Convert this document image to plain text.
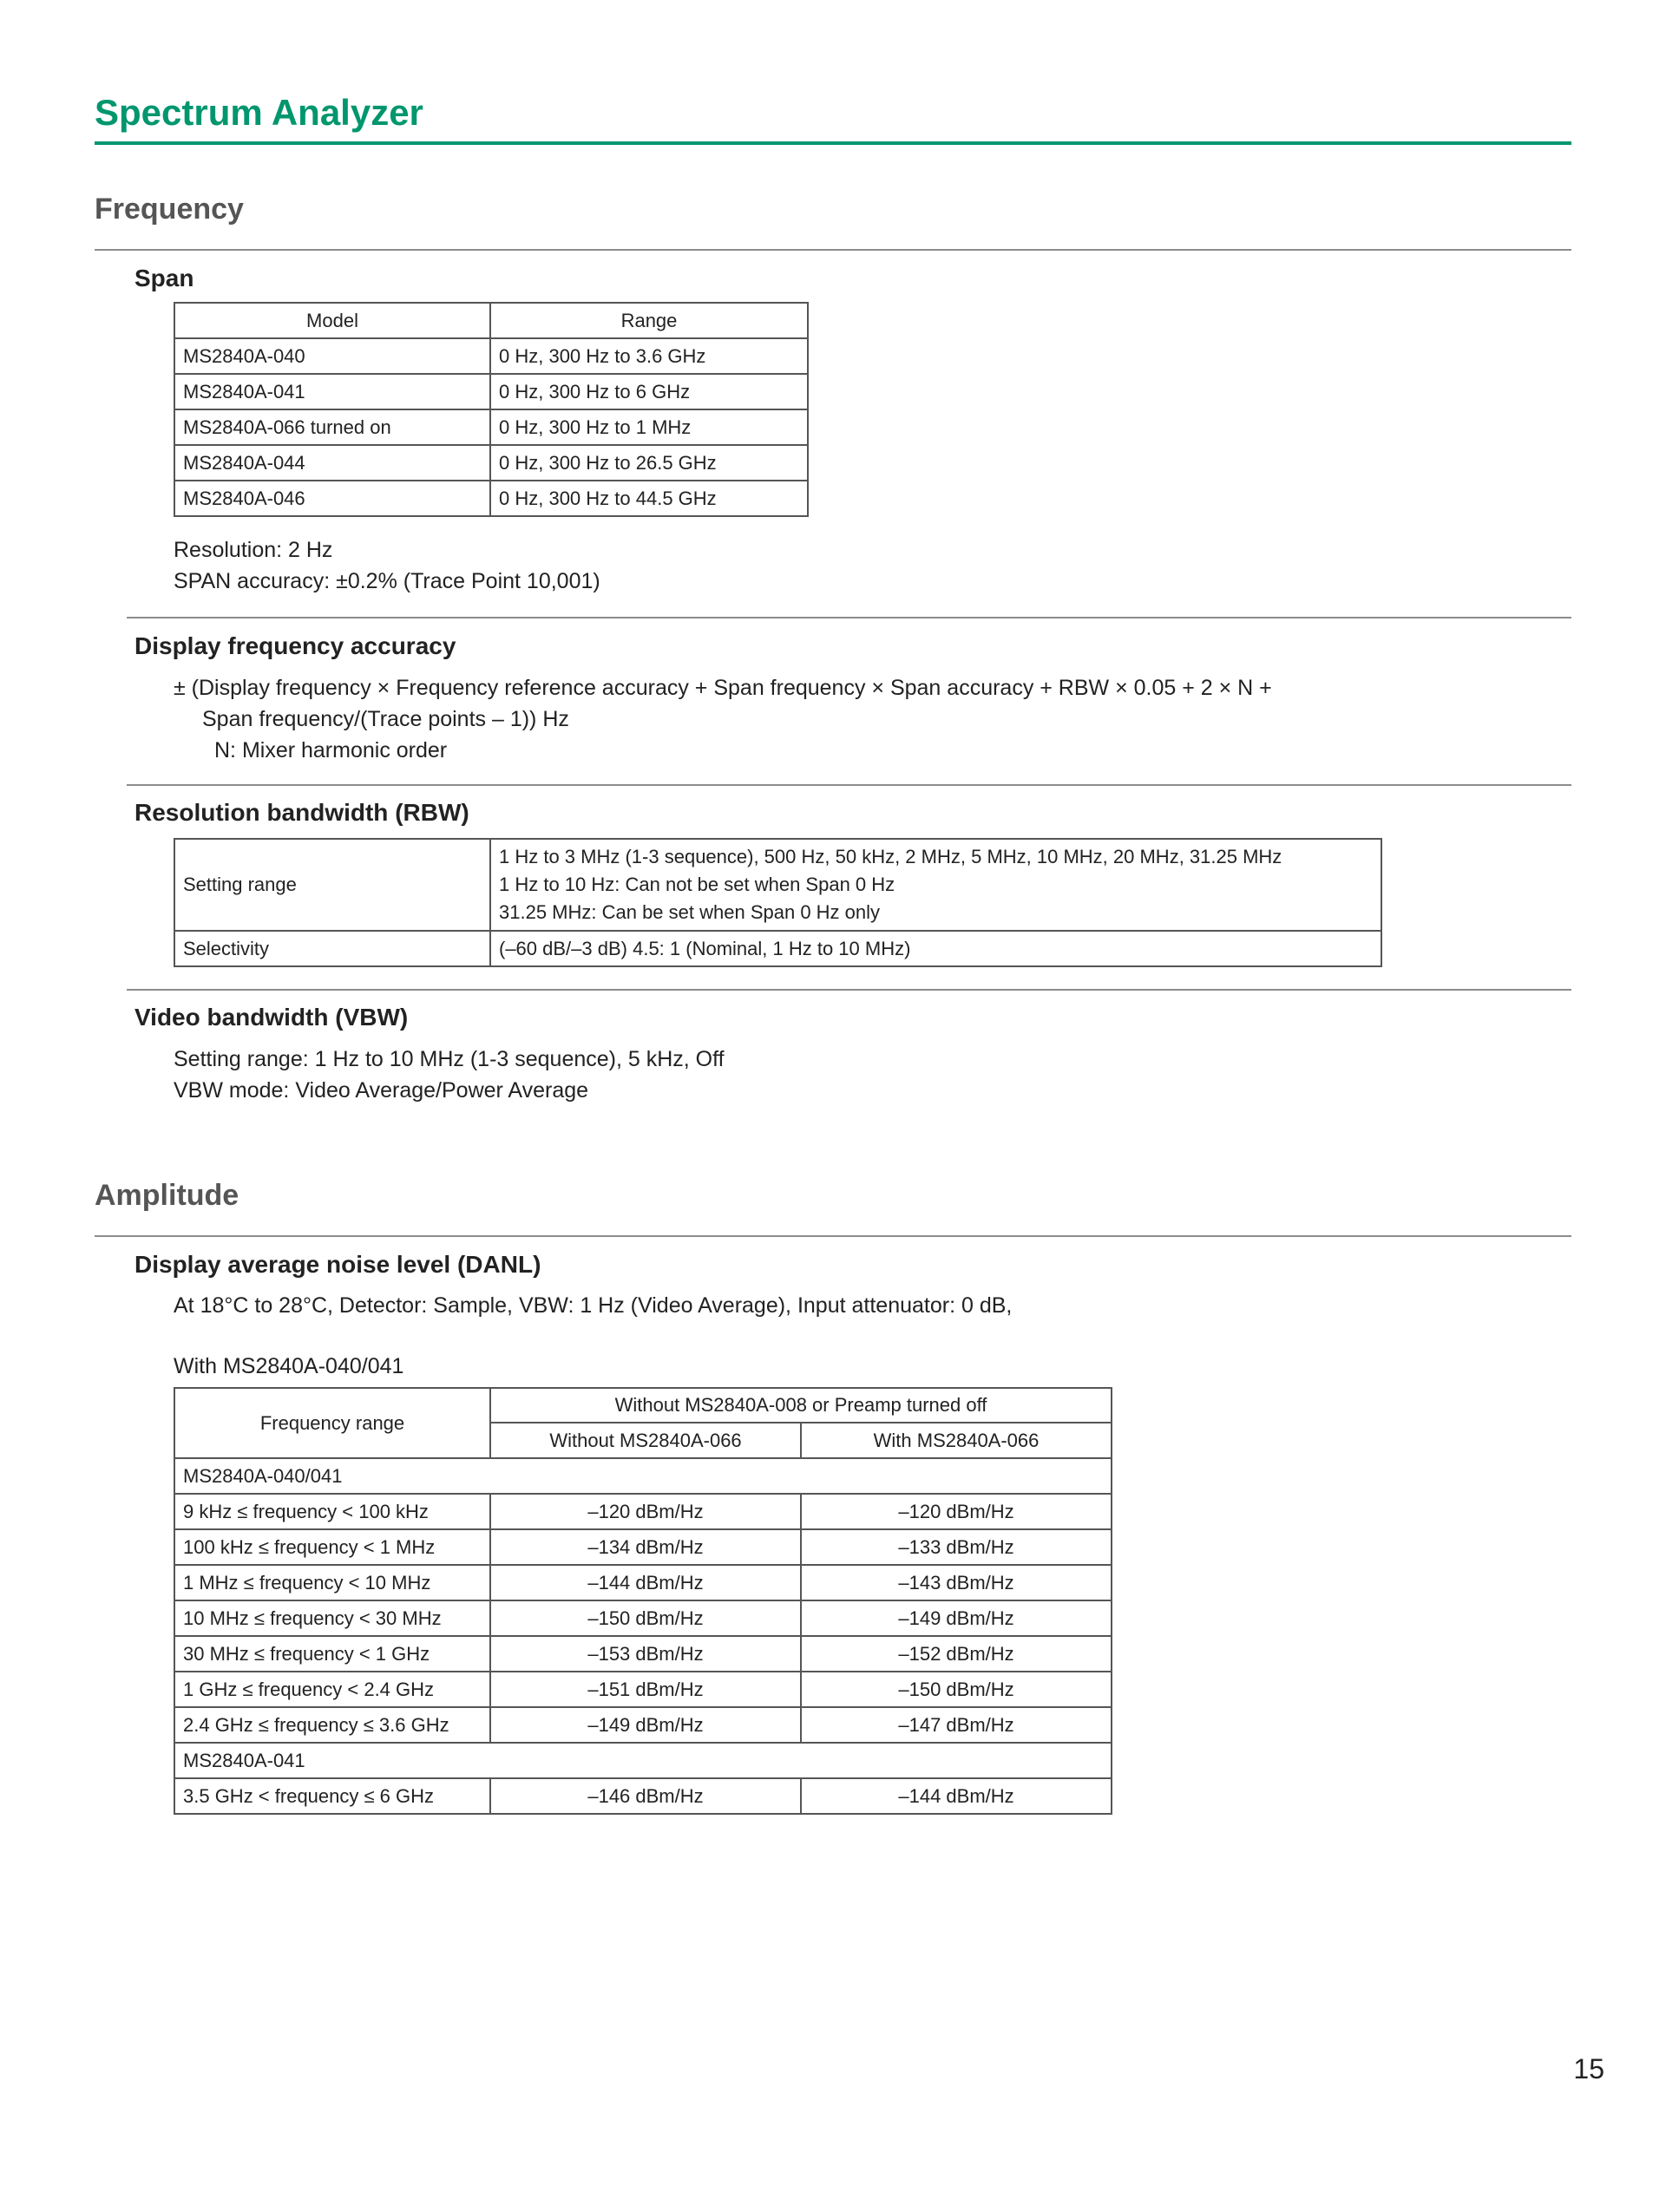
Spectrum Analyzer
Frequency
Span
Model	Range
MS2840A-040	0 Hz, 300 Hz to 3.6 GHz
MS2840A-041	0 Hz, 300 Hz to 6 GHz
MS2840A-066 turned on	0 Hz, 300 Hz to 1 MHz
MS2840A-044	0 Hz, 300 Hz to 26.5 GHz
MS2840A-046	0 Hz, 300 Hz to 44.5 GHz

Resolution: 2 Hz

SPAN accuracy: ±0.2% (Trace Point 10,001)

Display frequency accuracy

± (Display frequency × Frequency reference accuracy + Span frequency × Span accuracy + RBW × 0.05 + 2 × N +

Span frequency/(Trace points – 1)) Hz

N: Mixer harmonic order

Resolution bandwidth (RBW)
Setting range	1 Hz to 3 MHz (1-3 sequence), 500 Hz, 50 kHz, 2 MHz, 5 MHz, 10 MHz, 20 MHz, 31.25 MHz
1 Hz to 10 Hz: Can not be set when Span 0 Hz
31.25 MHz: Can be set when Span 0 Hz only

Selectivity	(–60 dB/–3 dB) 4.5: 1 (Nominal, 1 Hz to 10 MHz)
Video bandwidth (VBW)

Setting range: 1 Hz to 10 MHz (1-3 sequence), 5 kHz, Off

VBW mode: Video Average/Power Average

Amplitude
Display average noise level (DANL)

At 18°C to 28°C, Detector: Sample, VBW: 1 Hz (Video Average), Input attenuator: 0 dB,

With MS2840A-040/041

Frequency range	Without MS2840A-008 or Preamp turned off	
	Without MS2840A-066	With MS2840A-066
MS2840A-040/041		
9 kHz ≤ frequency < 100 kHz	–120 dBm/Hz	–120 dBm/Hz
100 kHz ≤ frequency < 1 MHz	–134 dBm/Hz	–133 dBm/Hz
1 MHz ≤ frequency < 10 MHz	–144 dBm/Hz	–143 dBm/Hz
10 MHz ≤ frequency < 30 MHz	–150 dBm/Hz	–149 dBm/Hz
30 MHz ≤ frequency < 1 GHz	–153 dBm/Hz	–152 dBm/Hz
1 GHz ≤ frequency < 2.4 GHz	–151 dBm/Hz	–150 dBm/Hz
2.4 GHz ≤ frequency ≤ 3.6 GHz	–149 dBm/Hz	–147 dBm/Hz
MS2840A-041		
3.5 GHz < frequency ≤ 6 GHz	–146 dBm/Hz	–144 dBm/Hz

15
